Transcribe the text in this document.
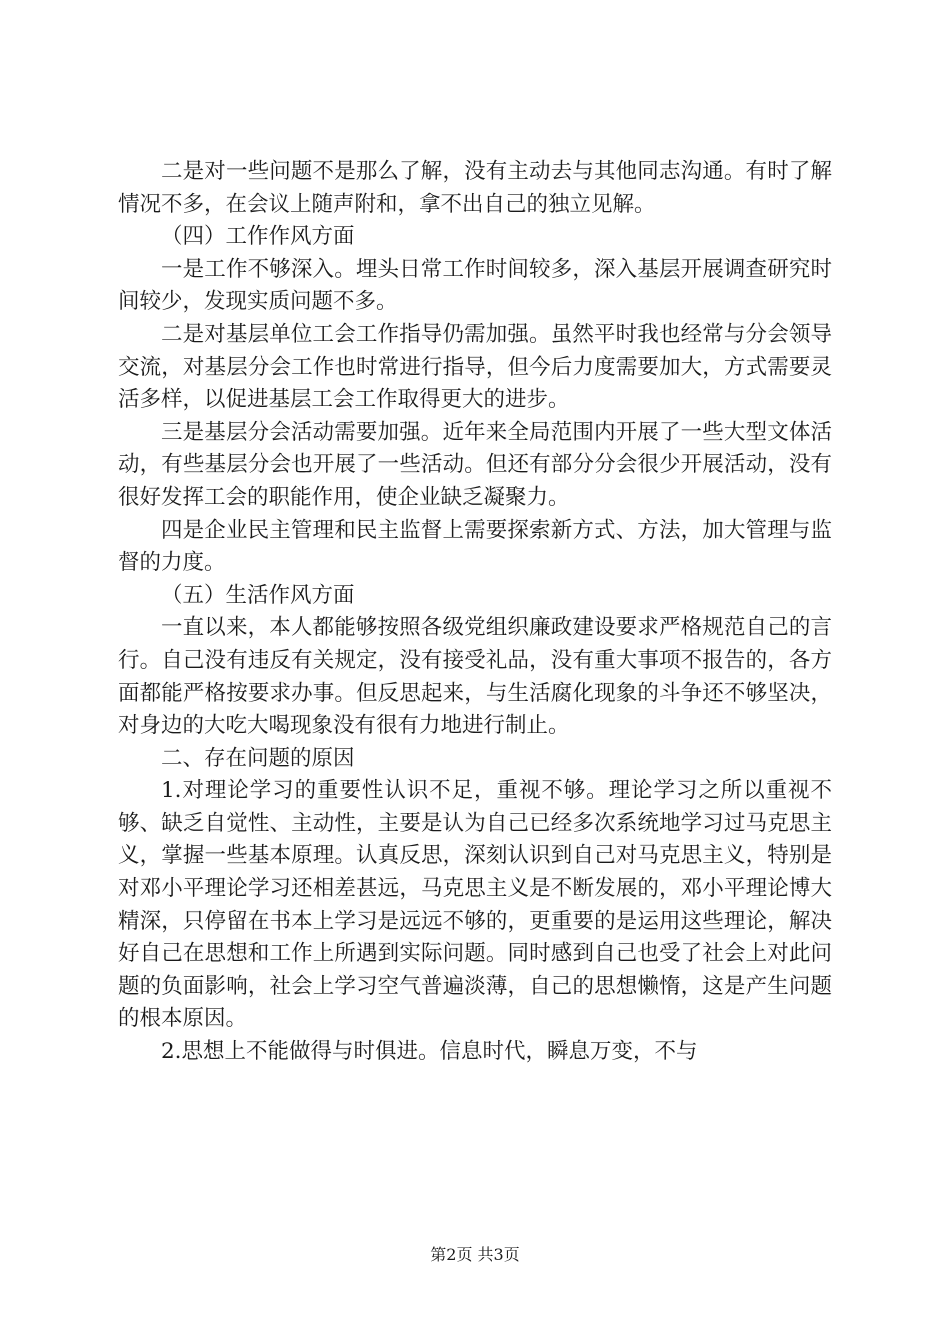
二是对一些问题不是那么了解，没有主动去与其他同志沟通。有时了解情况不多，在会议上随声附和，拿不出自己的独立见解。

（四）工作作风方面

一是工作不够深入。埋头日常工作时间较多，深入基层开展调查研究时间较少，发现实质问题不多。

二是对基层单位工会工作指导仍需加强。虽然平时我也经常与分会领导交流，对基层分会工作也时常进行指导，但今后力度需要加大，方式需要灵活多样，以促进基层工会工作取得更大的进步。

三是基层分会活动需要加强。近年来全局范围内开展了一些大型文体活动，有些基层分会也开展了一些活动。但还有部分分会很少开展活动，没有很好发挥工会的职能作用，使企业缺乏凝聚力。

四是企业民主管理和民主监督上需要探索新方式、方法，加大管理与监督的力度。

（五）生活作风方面

一直以来，本人都能够按照各级党组织廉政建设要求严格规范自己的言行。自己没有违反有关规定，没有接受礼品，没有重大事项不报告的，各方面都能严格按要求办事。但反思起来，与生活腐化现象的斗争还不够坚决，对身边的大吃大喝现象没有很有力地进行制止。

二、存在问题的原因

1.对理论学习的重要性认识不足，重视不够。理论学习之所以重视不够、缺乏自觉性、主动性，主要是认为自己已经多次系统地学习过马克思主义，掌握一些基本原理。认真反思，深刻认识到自己对马克思主义，特别是对邓小平理论学习还相差甚远，马克思主义是不断发展的，邓小平理论博大精深，只停留在书本上学习是远远不够的，更重要的是运用这些理论，解决好自己在思想和工作上所遇到实际问题。同时感到自己也受了社会上对此问题的负面影响，社会上学习空气普遍淡薄，自己的思想懒惰，这是产生问题的根本原因。

2.思想上不能做得与时俱进。信息时代，瞬息万变，不与

第2页 共3页
